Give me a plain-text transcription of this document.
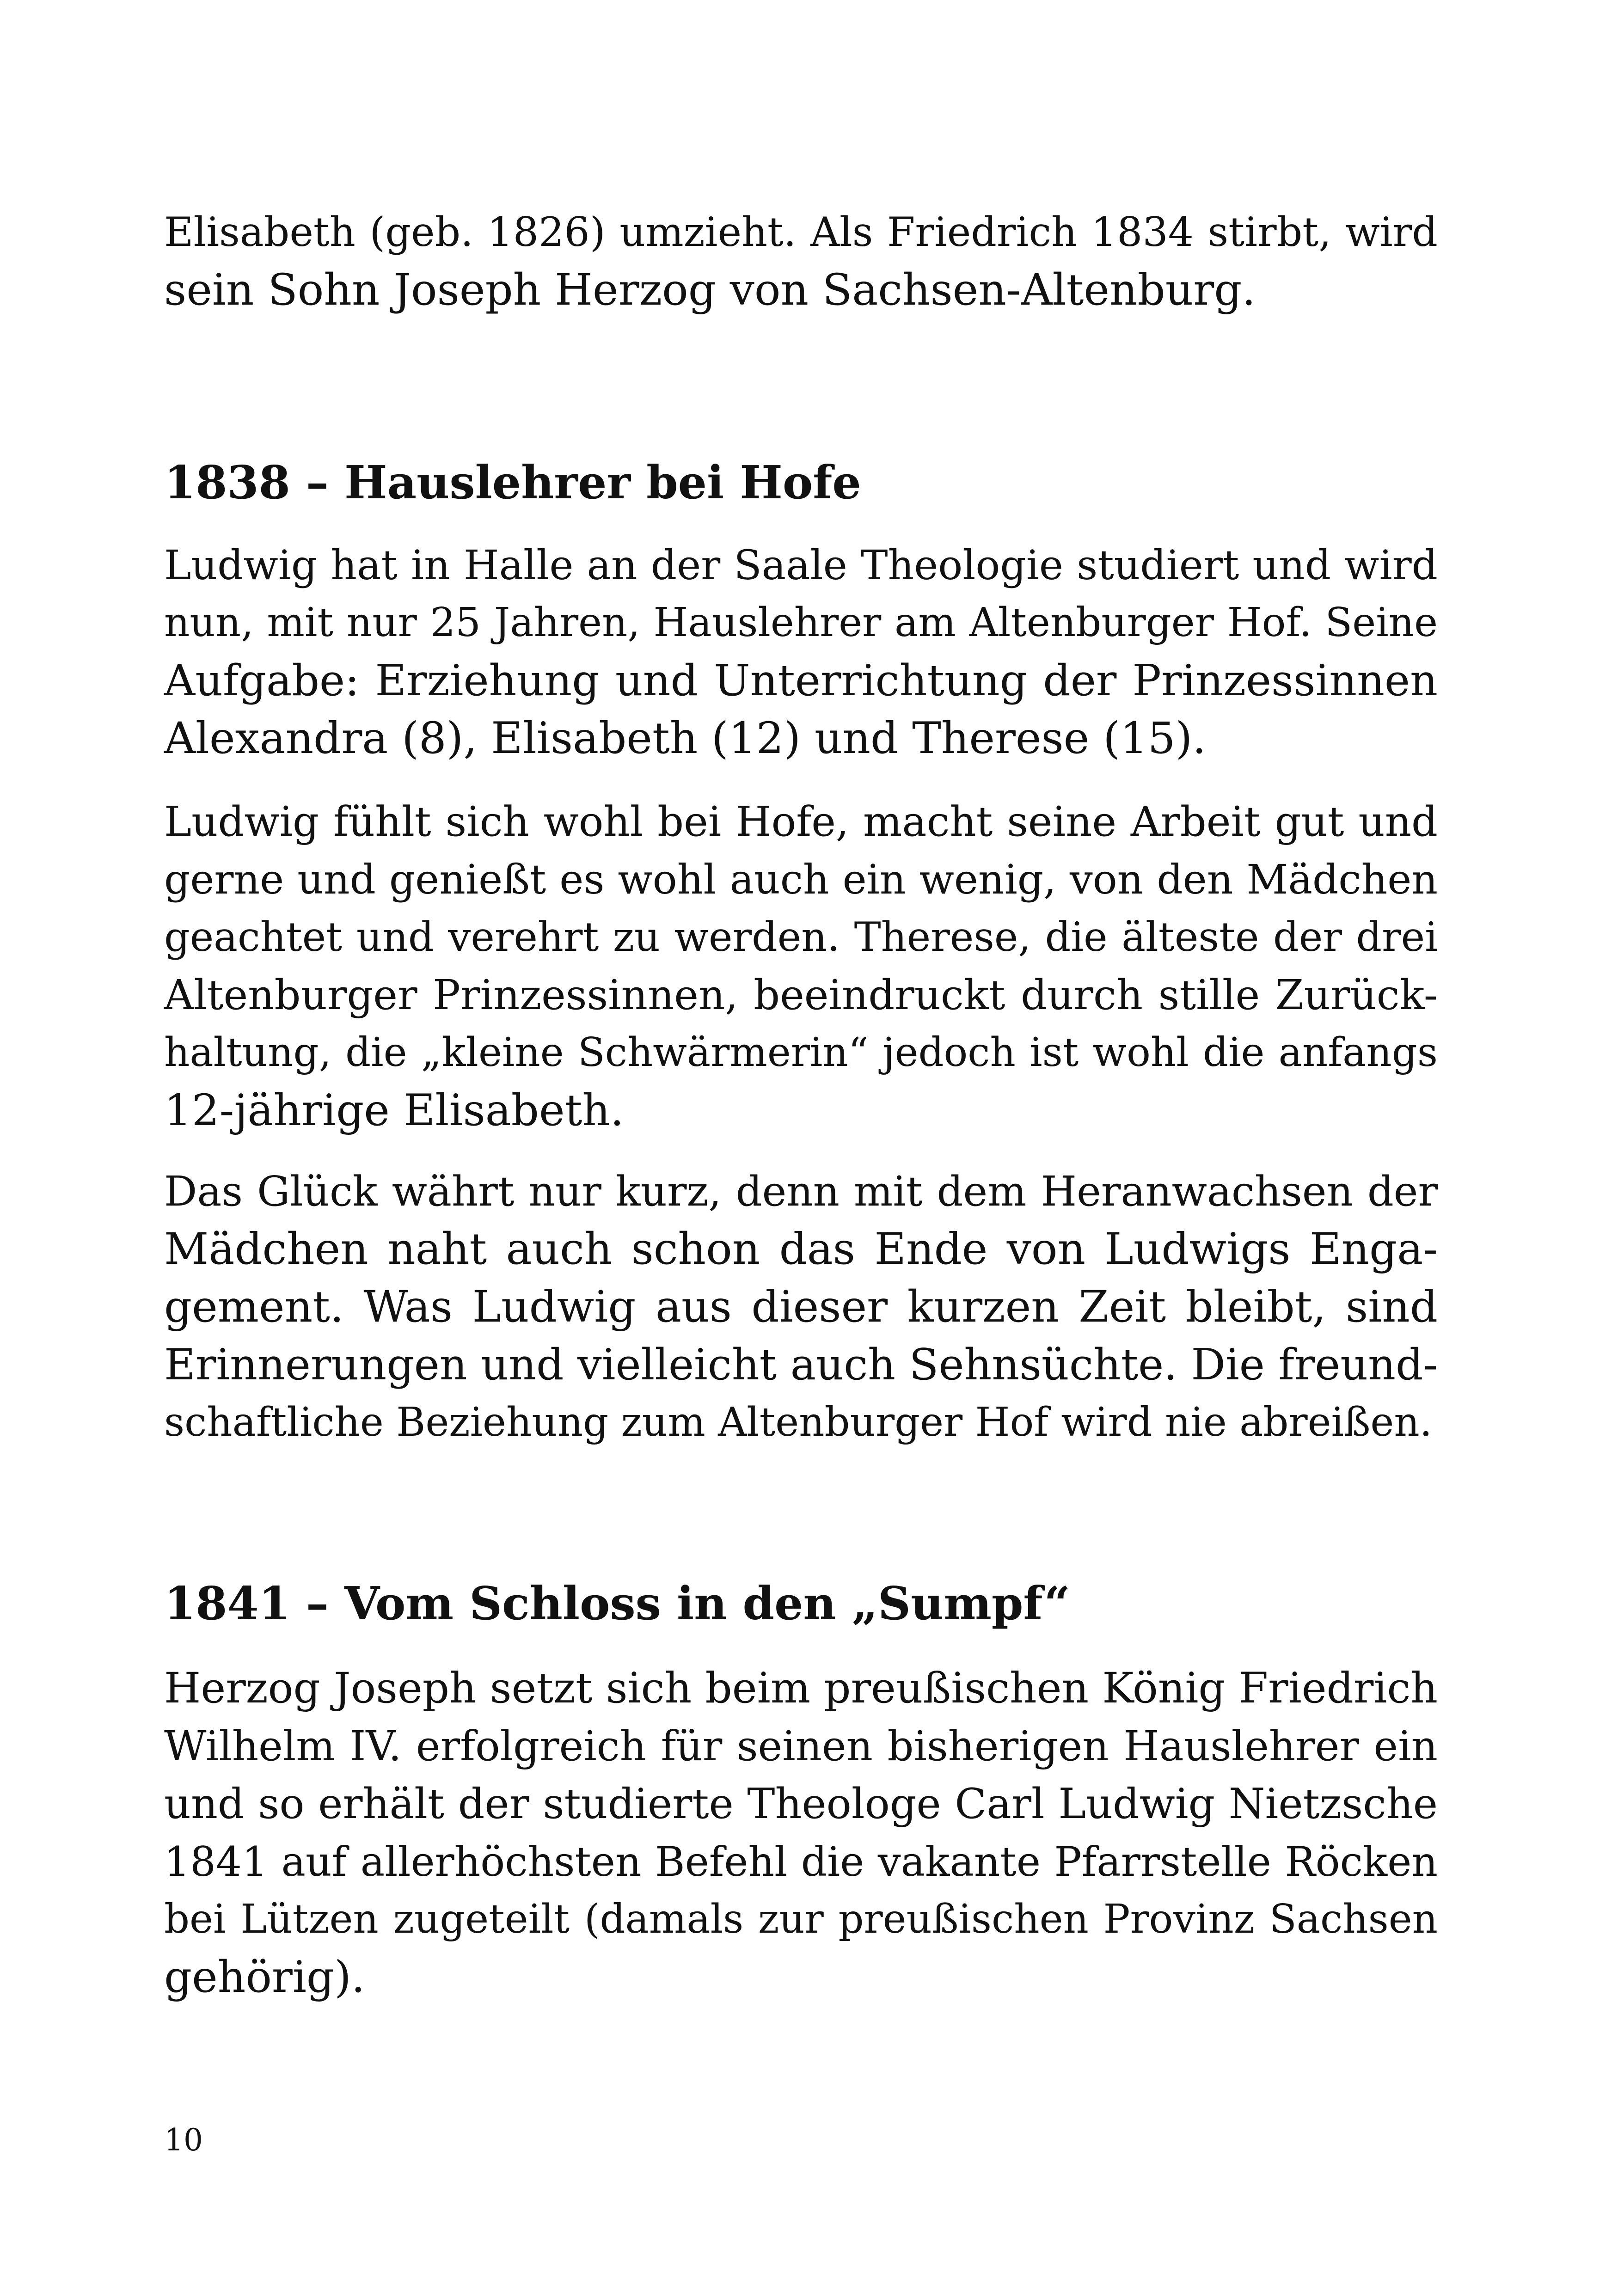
Elisabeth (geb. 1826) umzieht. Als Friedrich 1834 stirbt, wird
sein Sohn Joseph Herzog von Sachsen-Altenburg.
1838 – Hauslehrer bei Hofe
Ludwig hat in Halle an der Saale Theologie studiert und wird
nun, mit nur 25 Jahren, Hauslehrer am Altenburger Hof. Seine
Aufgabe: Erziehung und Unterrichtung der Prinzessinnen
Alexandra (8), Elisabeth (12) und Therese (15).
Ludwig fühlt sich wohl bei Hofe, macht seine Arbeit gut und
gerne und genießt es wohl auch ein wenig, von den Mädchen
geachtet und verehrt zu werden. Therese, die älteste der drei
Altenburger Prinzessinnen, beeindruckt durch stille Zurück-
haltung, die „kleine Schwärmerin“ jedoch ist wohl die anfangs
12-jährige Elisabeth.
Das Glück währt nur kurz, denn mit dem Heranwachsen der
Mädchen naht auch schon das Ende von Ludwigs Enga-
gement. Was Ludwig aus dieser kurzen Zeit bleibt, sind
Erinnerungen und vielleicht auch Sehnsüchte. Die freund-
schaftliche Beziehung zum Altenburger Hof wird nie abreißen.
1841 – Vom Schloss in den „Sumpf“
Herzog Joseph setzt sich beim preußischen König Friedrich
Wilhelm IV. erfolgreich für seinen bisherigen Hauslehrer ein
und so erhält der studierte Theologe Carl Ludwig Nietzsche
1841 auf allerhöchsten Befehl die vakante Pfarrstelle Röcken
bei Lützen zugeteilt (damals zur preußischen Provinz Sachsen
gehörig).

10
